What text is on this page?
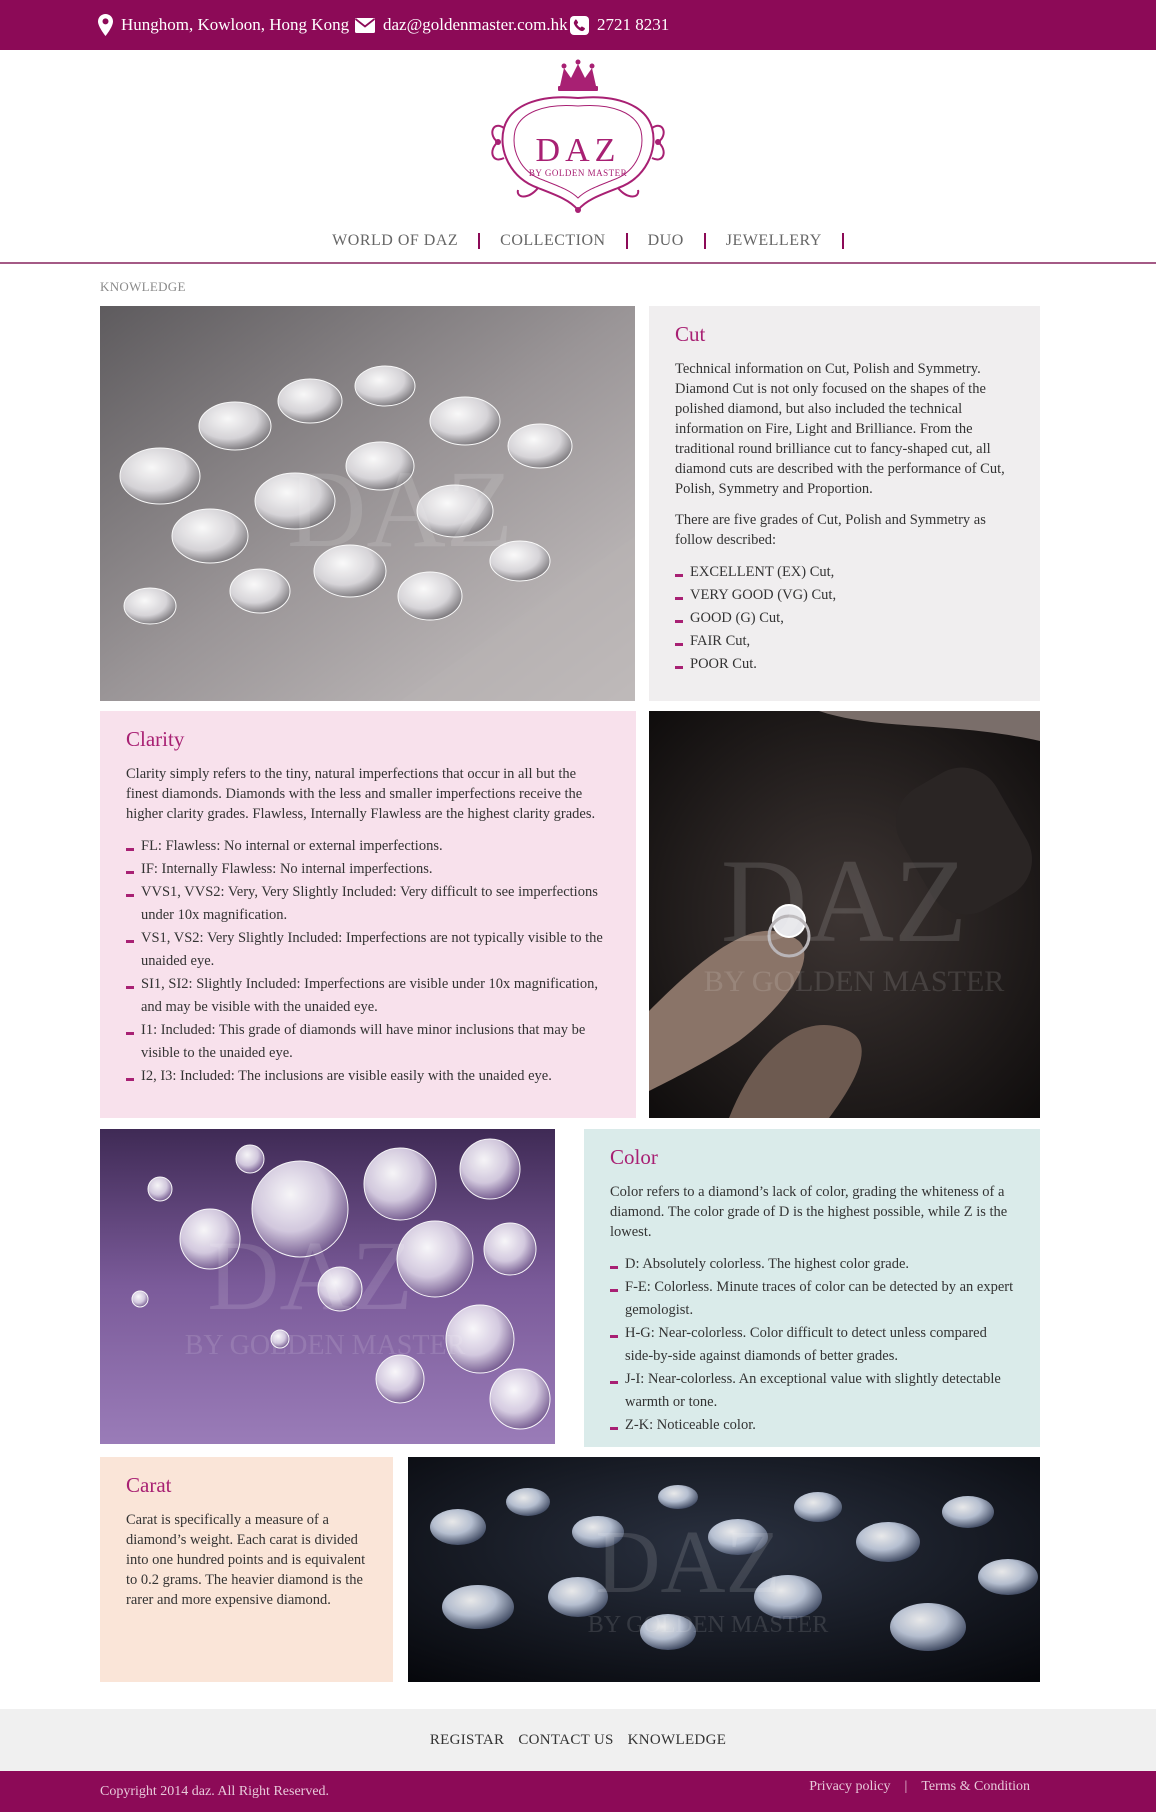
Hunghom, Kowloon, Hong Kong daz@goldenmaster.com.hk 2721 8231
DAZ
BY GOLDEN MASTER
WORLD OF DAZ	COLLECTION	DUO	JEWELLERY
KNOWLEDGE
DAZ
Cut

Technical information on Cut, Polish and Symmetry. Diamond Cut is not only focused on the shapes of the polished diamond, but also included the technical information on Fire, Light and Brilliance. From the traditional round brilliance cut to fancy-shaped cut, all diamond cuts are described with the performance of Cut, Polish, Symmetry and Proportion.

There are five grades of Cut, Polish and Symmetry as follow described:

EXCELLENT (EX) Cut,
VERY GOOD (VG) Cut,
GOOD (G) Cut,
FAIR Cut,
POOR Cut.
Clarity

Clarity simply refers to the tiny, natural imperfections that occur in all but the finest diamonds. Diamonds with the less and smaller imperfections receive the higher clarity grades. Flawless, Internally Flawless are the highest clarity grades.

FL: Flawless: No internal or external imperfections.
IF: Internally Flawless: No internal imperfections.
VVS1, VVS2: Very, Very Slightly Included: Very difficult to see imperfections under 10x magnification.
VS1, VS2: Very Slightly Included: Imperfections are not typically visible to the unaided eye.
SI1, SI2: Slightly Included: Imperfections are visible under 10x magnification, and may be visible with the unaided eye.
I1: Included: This grade of diamonds will have minor inclusions that may be visible to the unaided eye.
I2, I3: Included: The inclusions are visible easily with the unaided eye.
DAZ
BY GOLDEN MASTER
DAZ
BY GOLDEN MASTER
Color

Color refers to a diamond’s lack of color, grading the whiteness of a diamond. The color grade of D is the highest possible, while Z is the lowest.

D: Absolutely colorless. The highest color grade.
F-E: Colorless. Minute traces of color can be detected by an expert gemologist.
H-G: Near-colorless. Color difficult to detect unless compared side-by-side against diamonds of better grades.
J-I: Near-colorless. An exceptional value with slightly detectable warmth or tone.
Z-K: Noticeable color.
Carat

Carat is specifically a measure of a diamond’s weight. Each carat is divided into one hundred points and is equivalent to 0.2 grams. The heavier diamond is the rarer and more expensive diamond.	DAZ
BY GOLDEN MASTER
REGISTAR CONTACT US KNOWLEDGE
Copyright 2014 daz. All Right Reserved.	Privacy policy | Terms & Condition
